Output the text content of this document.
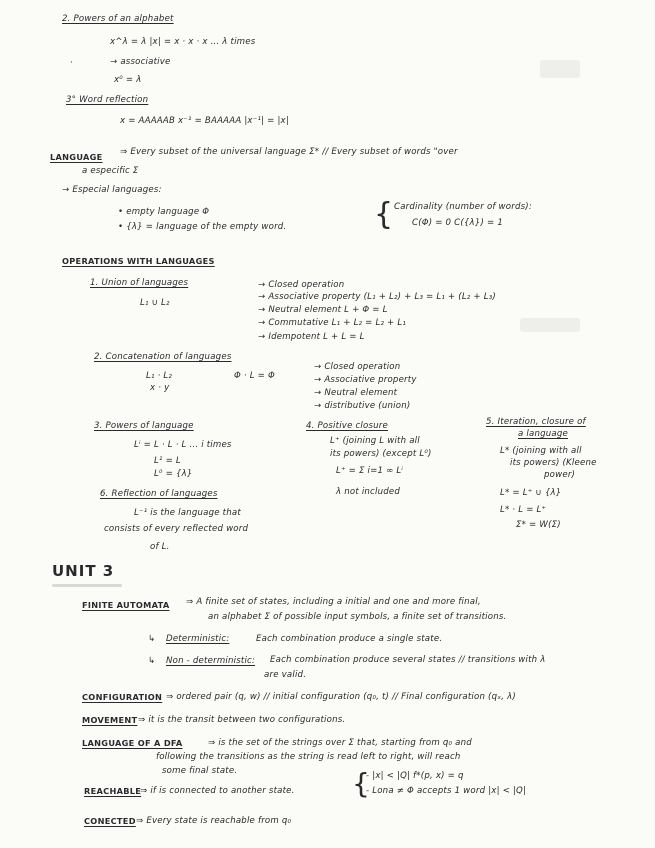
2. Powers of an alphabet
x^λ = λ |x| = x · x · x ... λ times
→ associative
x⁰ = λ
·
3° Word reflection
x = AAAAAB x⁻¹ = BAAAAA |x⁻¹| = |x|
LANGUAGE ⇒ Every subset of the universal language Σ* // Every subset of words "over
a especific Σ
→ Especial languages:
• empty language Φ
• {λ} = language of the empty word.	{ Cardinality (number of words):
C(Φ) = 0 C({λ}) = 1
OPERATIONS WITH LANGUAGES
1. Union of languages
L₁ ∪ L₂
→ Closed operation
→ Associative property (L₁ + L₂) + L₃ = L₁ + (L₂ + L₃)
→ Neutral element L + Φ = L
→ Commutative L₁ + L₂ = L₂ + L₁
→ Idempotent L + L = L
2. Concatenation of languages
L₁ · L₂
x · y
Φ · L = Φ
→ Closed operation
→ Associative property
→ Neutral element
→ distributive (union)
3. Powers of language
Lⁱ = L · L · L ... i times
L¹ = L
L⁰ = {λ}
4. Positive closure
L⁺ (joining L with all
its powers) (except L⁰)
L⁺ = Σ i=1 ∞ Lⁱ
λ not included
5. Iteration, closure of
a language
L* (joining with all
its powers) (Kleene
power)
L* = L⁺ ∪ {λ}
L* · L = L⁺
Σ* = W(Σ)
6. Reflection of languages
L⁻¹ is the language that
consists of every reflected word
of L.
UNIT 3
FINITE AUTOMATA ⇒ A finite set of states, including a initial and one and more final,
an alphabet Σ of possible input symbols, a finite set of transitions.
↳ Deterministic:	Each combination produce a single state.
↳ Non - deterministic: Each combination produce several states // transitions with λ
are valid.
CONFIGURATION ⇒ ordered pair (q, w) // initial configuration (q₀, t) // Final configuration (qₓ, λ)
MOVEMENT ⇒ it is the transit between two configurations.
LANGUAGE OF A DFA	⇒ is the set of the strings over Σ that, starting from q₀ and
following the transitions as the string is read left to right, will reach
some final state.
REACHABLE
⇒ if is connected to another state. {
- |x| < |Q| f*(p, x) = q
- Lona ≠ Φ accepts 1 word |x| < |Q|
CONECTED ⇒ Every state is reachable from q₀
